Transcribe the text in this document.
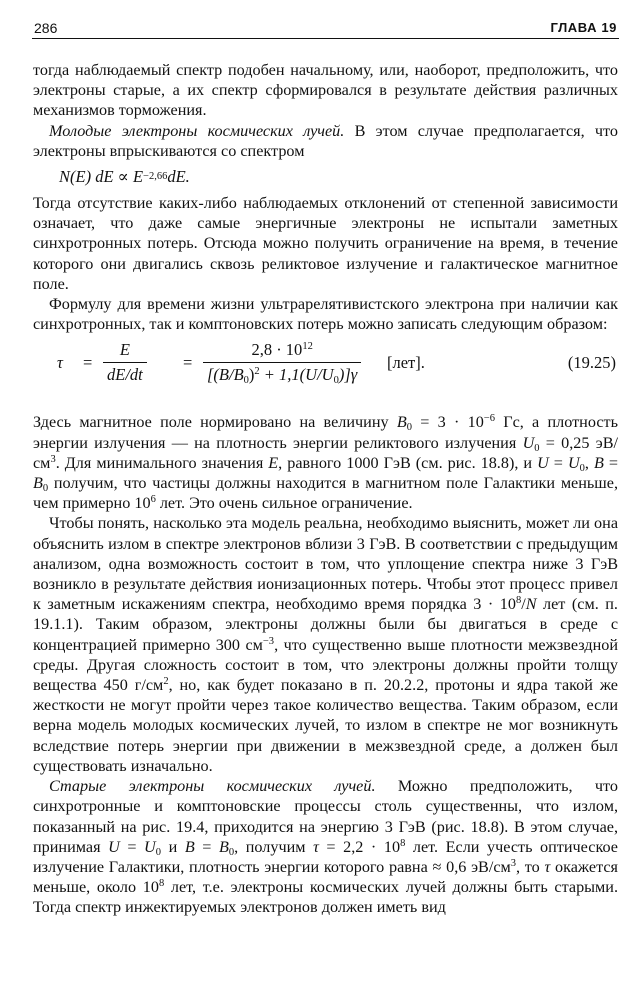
286	ГЛАВА 19

тогда наблюдаемый спектр подобен начальному, или, наоборот, предположить, что электроны старые, а их спектр сформировался в результате действия различных механизмов торможения.

Молодые электроны космических лучей. В этом случае предполагается, что электроны впрыскиваются со спектром

N(E) dE
∝
E −2,66 dE.

Тогда отсутствие каких-либо наблюдаемых отклонений от степенной зависимости означает, что даже самые энергичные электроны не испытали заметных синхротронных потерь. Отсюда можно получить ограничение на время, в течение которого они двигались сквозь реликтовое излучение и галактическое магнитное поле.

Формулу для времени жизни ультрарелятивистского электрона при наличии как синхротронных, так и комптоновских потерь можно записать следующим образом:

$\tau = \frac{E}{dE/dt} = \frac{2,8 \cdot 10^{12}}{[(B/B_0)^2 + 1,1(U/U_0)]\gamma} [лет]$.	(19.25)

Здесь магнитное поле нормировано на величину $B_0 = 3 \cdot 10^{-6}$ Гс, а плотность энергии излучения — на плотность энергии реликтового излучения $U_0 = 0,25$ $эВ/см^3$. Для минимального значения E, равного 1000 ГэВ (см. рис. 18.8), и $U = U_0$, $B = B_0$ получим, что частицы должны находится в магнитном поле Галактики меньше, чем примерно $10^6$ лет. Это очень сильное ограничение.

Чтобы понять, насколько эта модель реальна, необходимо выяснить, может ли она объяснить излом в спектре электронов вблизи 3 ГэВ. В соответствии с предыдущим анализом, одна возможность состоит в том, что уплощение спектра ниже 3 ГэВ возникло в результате действия ионизационных потерь. Чтобы этот процесс привел к заметным искажениям спектра, необходимо время порядка $3 \cdot 10^8/N$ лет (см. п. 19.1.1). Таким образом, электроны должны были бы двигаться в среде с концентрацией примерно 300 $см^{-3}$, что существенно выше плотности межзвездной среды. Другая сложность состоит в том, что электроны должны пройти толщу вещества 450 $г/см^2$, но, как будет показано в п. 20.2.2, протоны и ядра такой же жесткости не могут пройти через такое количество вещества. Таким образом, если верна модель молодых космических лучей, то излом в спектре не мог возникнуть вследствие потерь энергии при движении в межзвездной среде, а должен был существовать изначально.

Старые электроны космических лучей. Можно предположить, что синхротронные и комптоновские процессы столь существенны, что излом, показанный на рис. 19.4, приходится на энергию 3 ГэВ (рис. 18.8). В этом случае, принимая $U = U_0$ и $B = B_0$, получим $\tau = 2,2 \cdot 10^8$ лет. Если учесть оптическое излучение Галактики, плотность энергии которого равна ≈ 0,6 $эВ/см^3$, то τ окажется меньше, около $10^8$ лет, т.е. электроны космических лучей должны быть старыми. Тогда спектр инжектируемых электронов должен иметь вид
